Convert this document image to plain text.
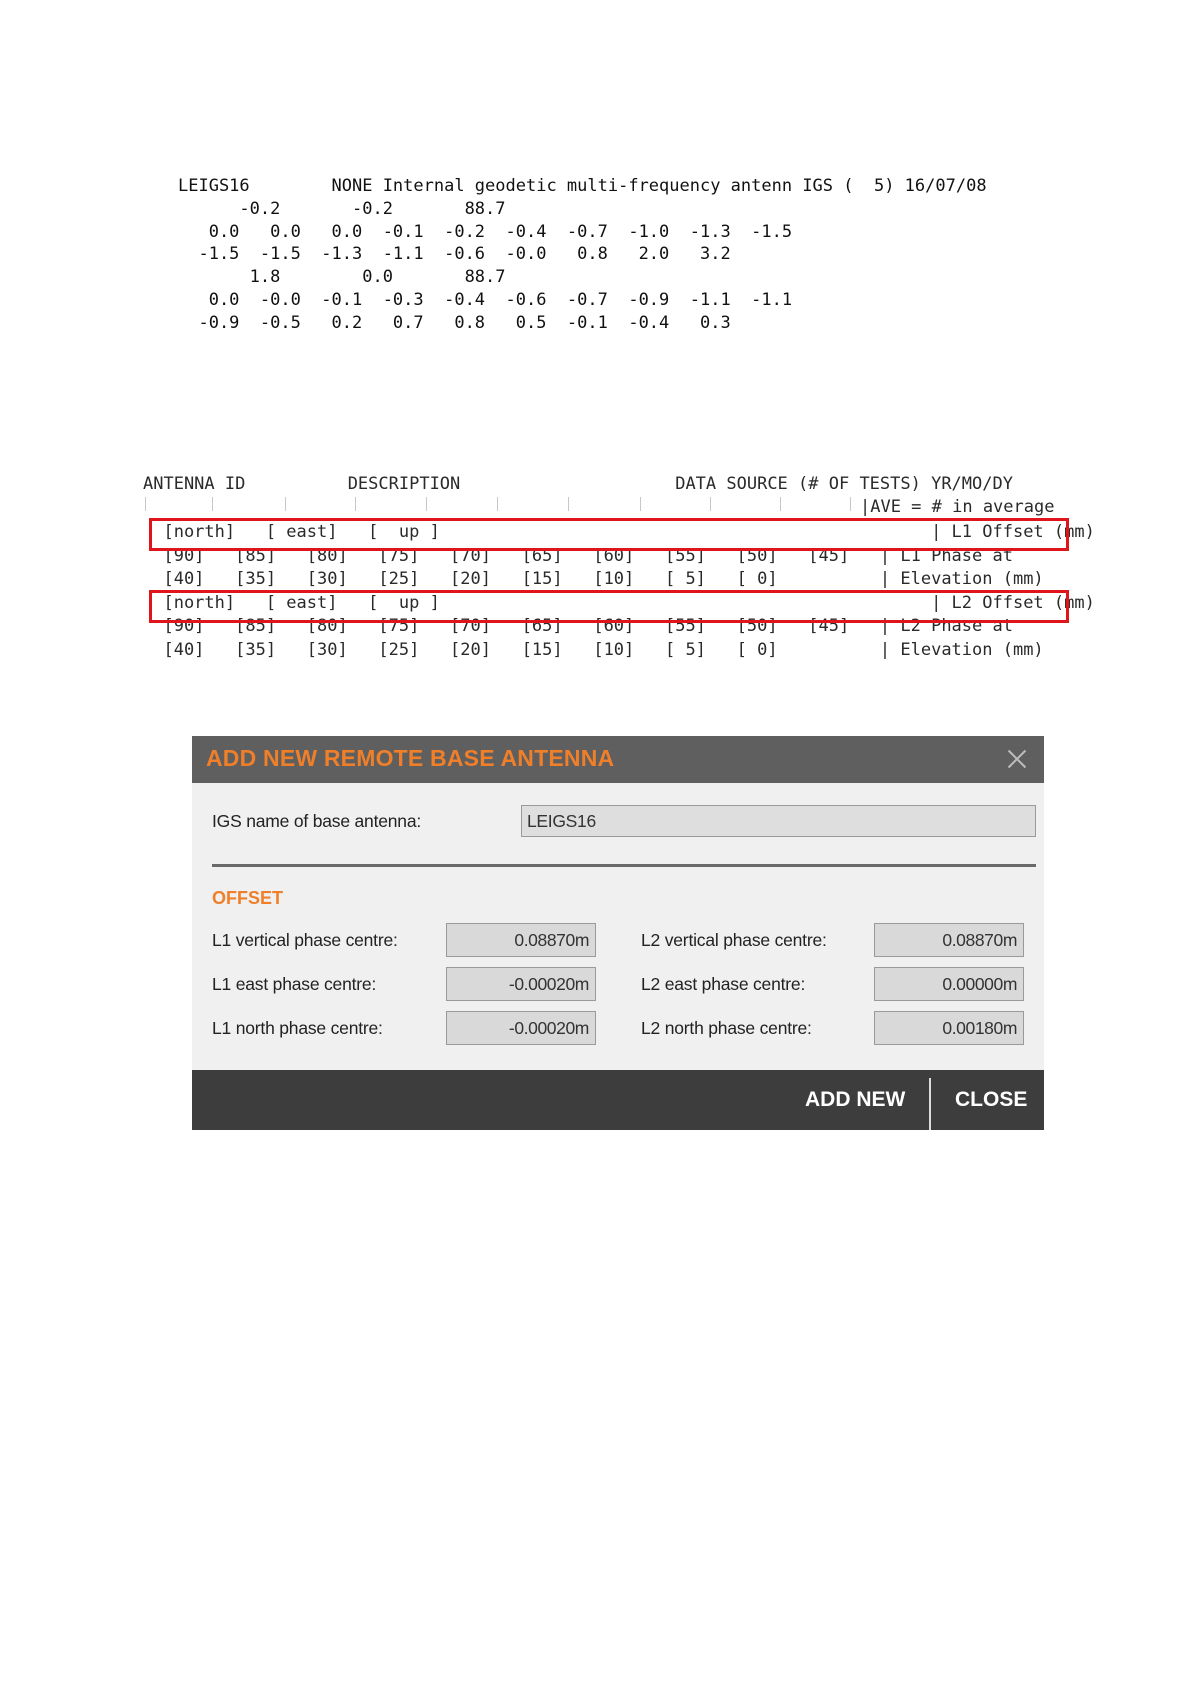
LEIGS16        NONE Internal geodetic multi-frequency antenn IGS (  5) 16/07/08
-0.2       -0.2       88.7
0.0   0.0   0.0  -0.1  -0.2  -0.4  -0.7  -1.0  -1.3  -1.5
-1.5  -1.5  -1.3  -1.1  -0.6  -0.0   0.8   2.0   3.2
1.8        0.0       88.7
0.0  -0.0  -0.1  -0.3  -0.4  -0.6  -0.7  -0.9  -1.1  -1.1
-0.9  -0.5   0.2   0.7   0.8   0.5  -0.1  -0.4   0.3
ANTENNA ID          DESCRIPTION                     DATA SOURCE (# OF TESTS) YR/MO/DY
|AVE = # in average
[north]   [ east]   [  up ]                                                | L1 Offset (mm)
[90]   [85]   [80]   [75]   [70]   [65]   [60]   [55]   [50]   [45]   | L1 Phase at
[40]   [35]   [30]   [25]   [20]   [15]   [10]   [ 5]   [ 0]          | Elevation (mm)
[north]   [ east]   [  up ]                                                | L2 Offset (mm)
[90]   [85]   [80]   [75]   [70]   [65]   [60]   [55]   [50]   [45]   | L2 Phase at
[40]   [35]   [30]   [25]   [20]   [15]   [10]   [ 5]   [ 0]          | Elevation (mm)
ADD NEW REMOTE BASE ANTENNA
IGS name of base antenna:
LEIGS16
OFFSET
L1 vertical phase centre:	0.08870m
L1 east phase centre:	-0.00020m
L1 north phase centre:	-0.00020m
L2 vertical phase centre:	0.08870m
L2 east phase centre:	0.00000m
L2 north phase centre:	0.00180m
ADD NEW CLOSE
